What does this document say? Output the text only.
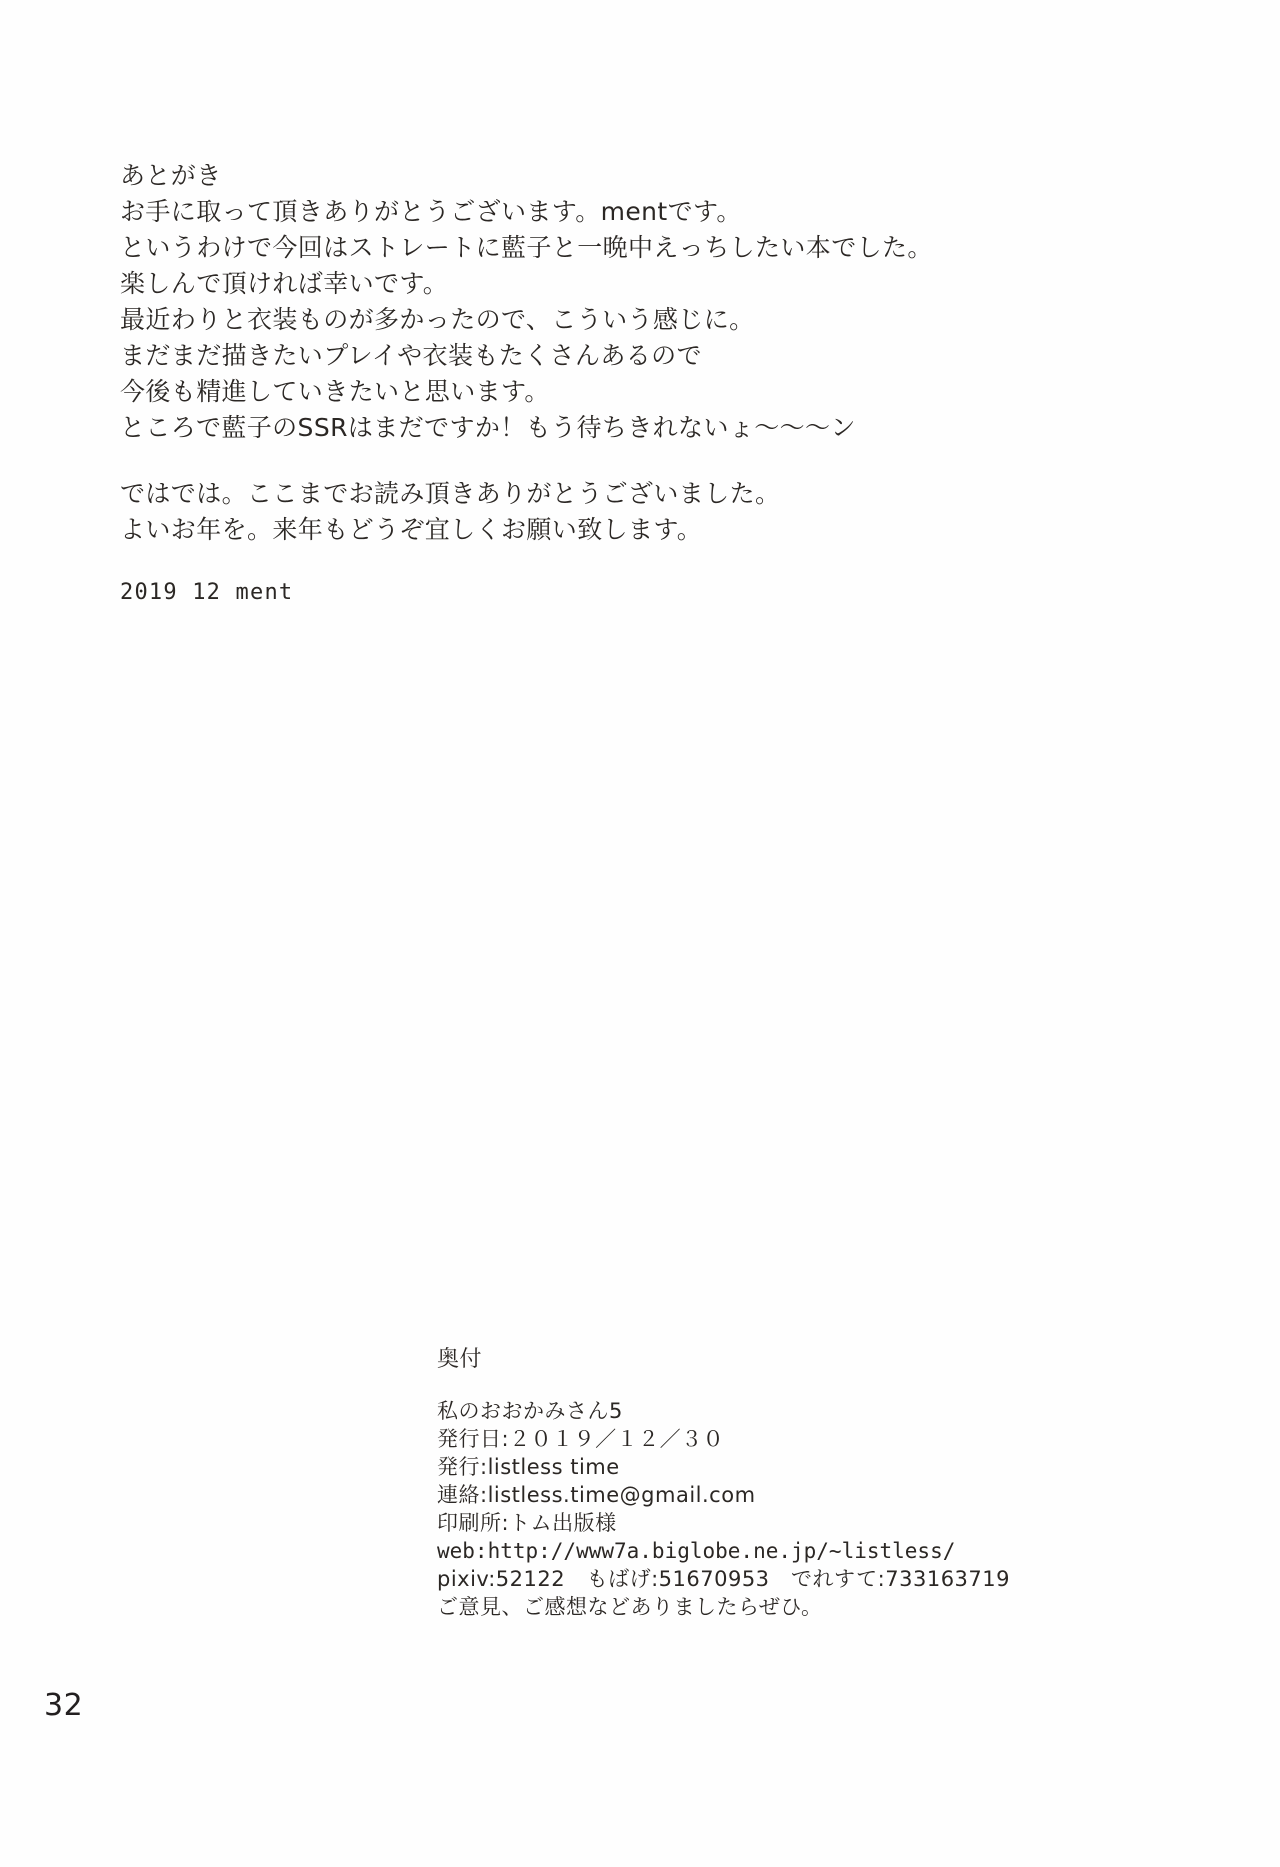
あとがき
お手に取って頂きありがとうございます。mentです。
というわけで今回はストレートに藍子と一晩中えっちしたい本でした。
楽しんで頂ければ幸いです。
最近わりと衣装ものが多かったので、こういう感じに。
まだまだ描きたいプレイや衣装もたくさんあるので
今後も精進していきたいと思います。
ところで藍子のSSRはまだですか！もう待ちきれないょ～～～ン
ではでは。ここまでお読み頂きありがとうございました。
よいお年を。来年もどうぞ宜しくお願い致します。
2019 12 ment
奥付
私のおおかみさん5
発行日:２０１９／１２／３０
発行:listless time
連絡:listless.time@gmail.com
印刷所:トム出版様
web:http://www7a.biglobe.ne.jp/~listless/
pixiv:52122　もばげ:51670953　でれすて:733163719
ご意見、ご感想などありましたらぜひ。
32
